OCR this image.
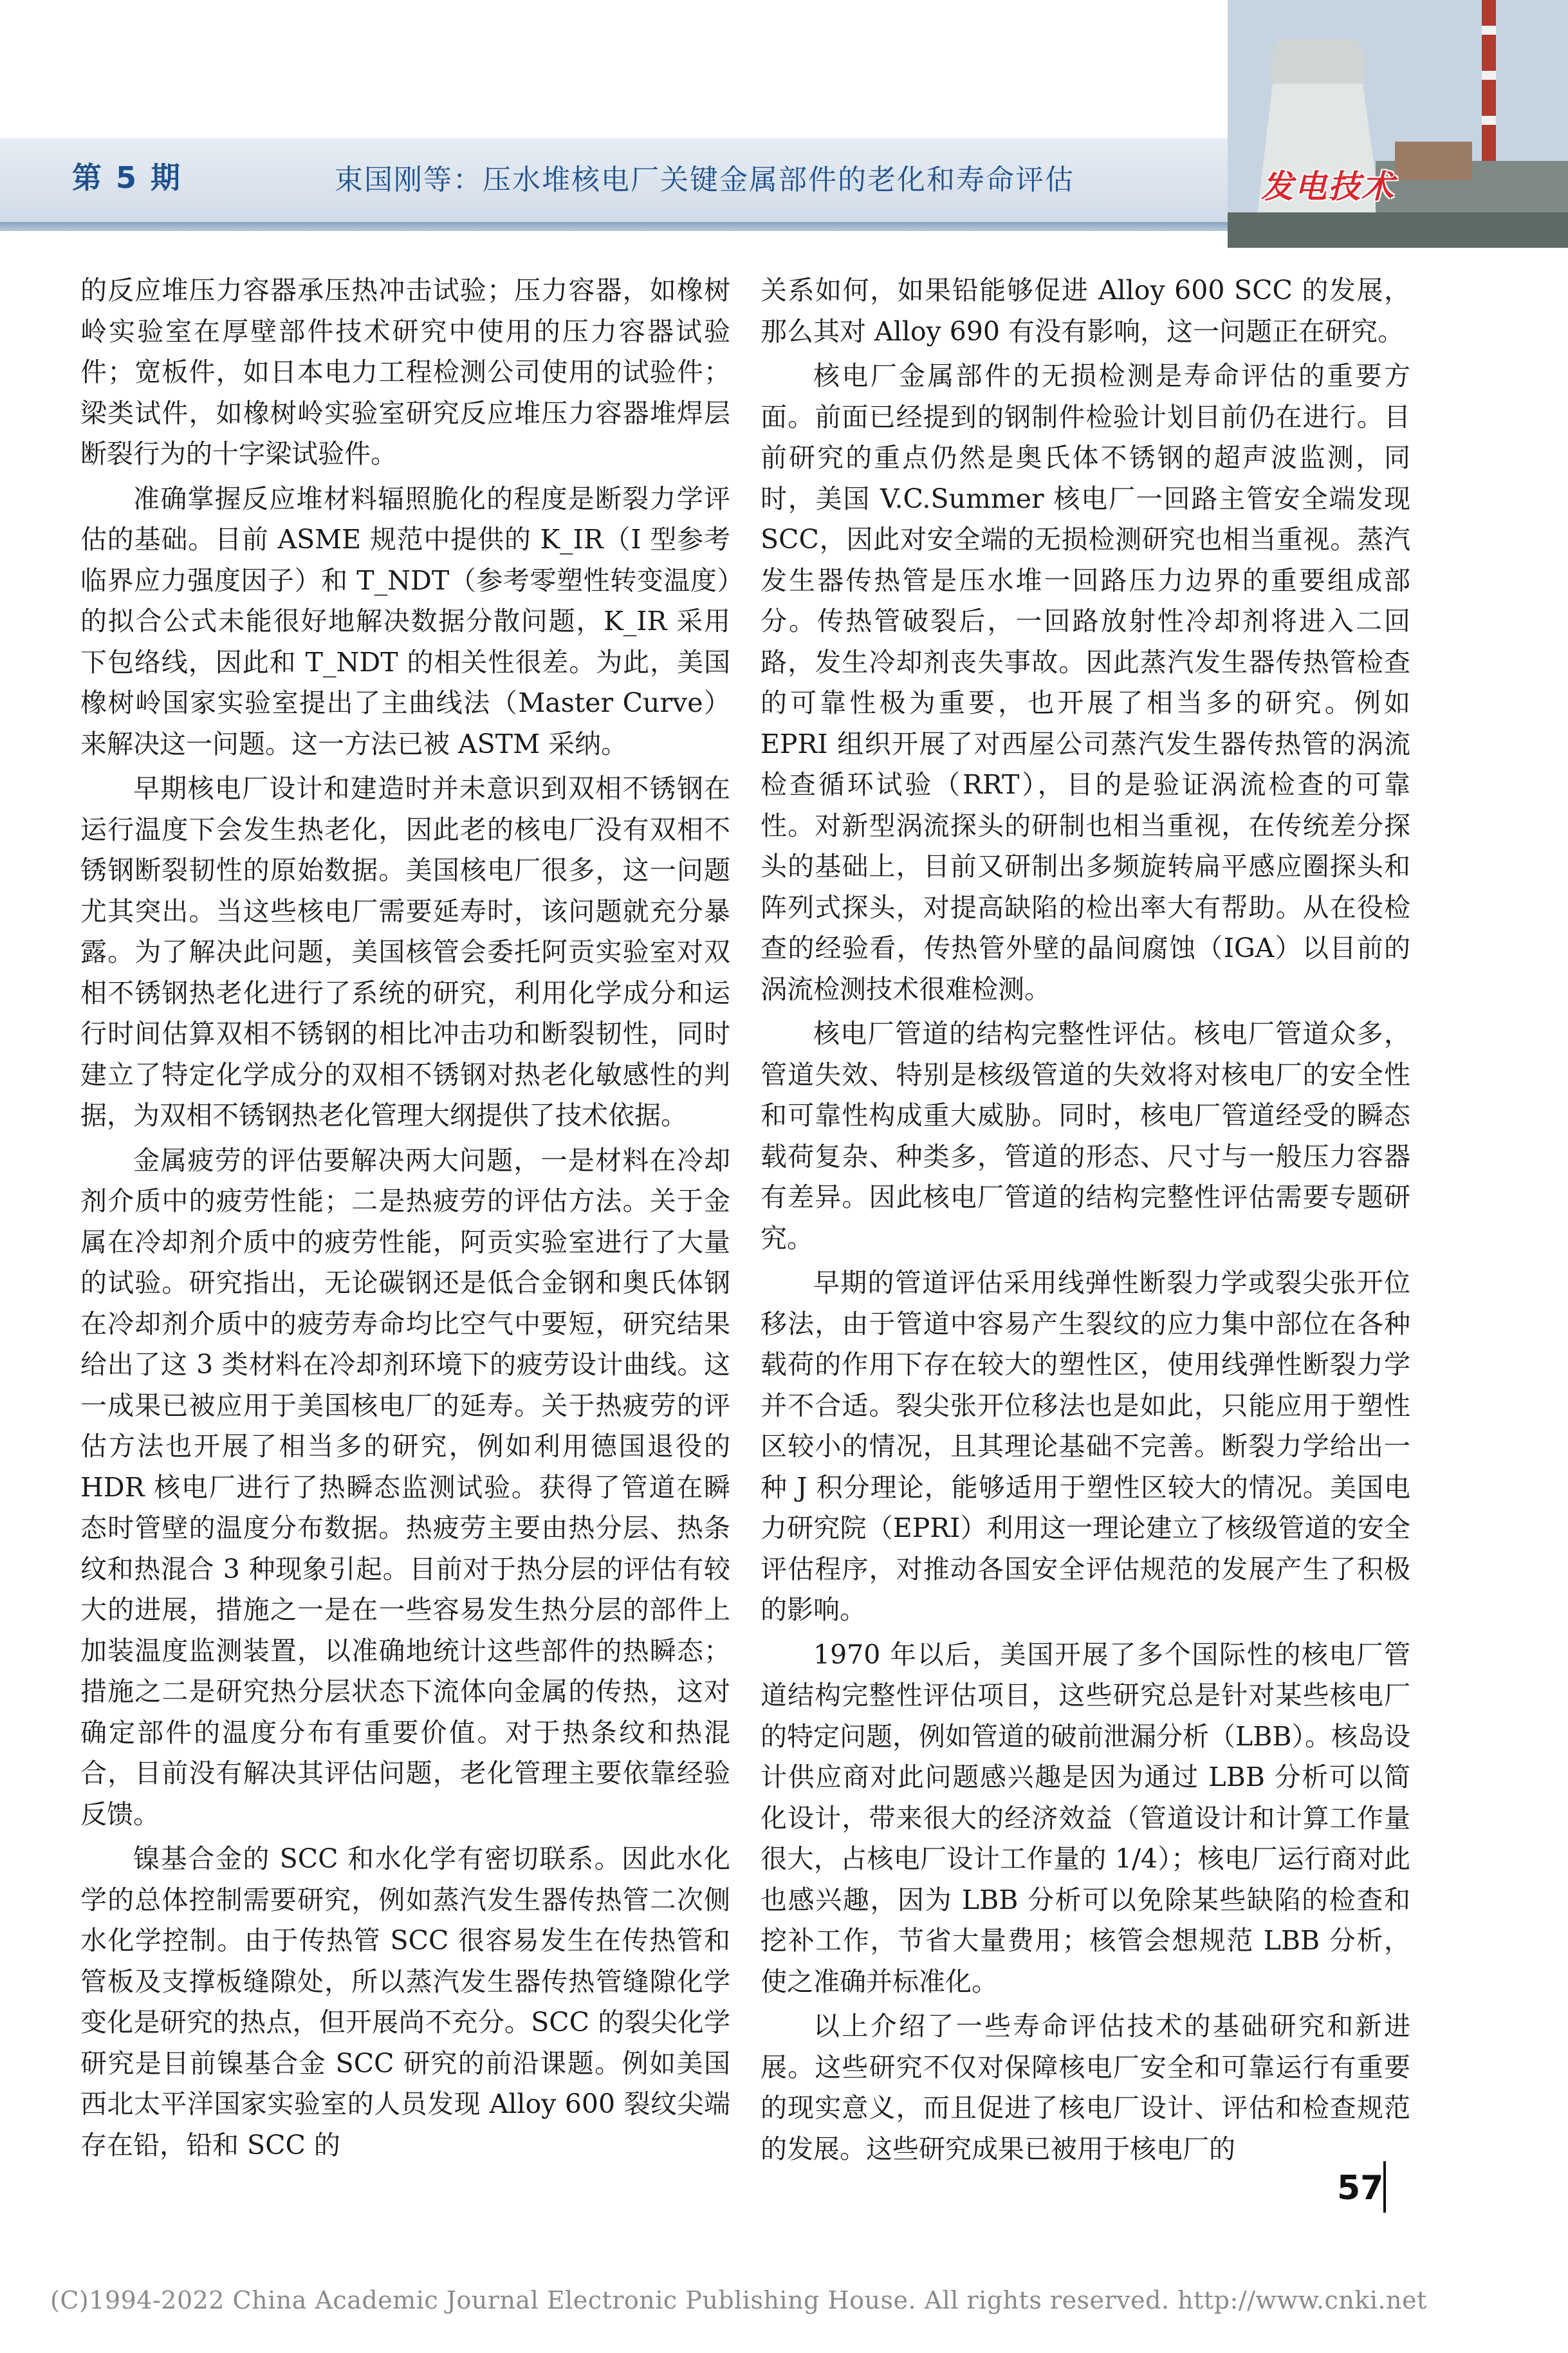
第 5 期	束国刚等：压水堆核电厂关键金属部件的老化和寿命评估	发电技术

的反应堆压力容器承压热冲击试验；压力容器，如橡树岭实验室在厚壁部件技术研究中使用的压力容器试验件；宽板件，如日本电力工程检测公司使用的试验件；梁类试件，如橡树岭实验室研究反应堆压力容器堆焊层断裂行为的十字梁试验件。

准确掌握反应堆材料辐照脆化的程度是断裂力学评估的基础。目前 ASME 规范中提供的 K_IR（I 型参考临界应力强度因子）和 T_NDT（参考零塑性转变温度）的拟合公式未能很好地解决数据分散问题，K_IR 采用下包络线，因此和 T_NDT 的相关性很差。为此，美国橡树岭国家实验室提出了主曲线法（Master Curve）来解决这一问题。这一方法已被 ASTM 采纳。

早期核电厂设计和建造时并未意识到双相不锈钢在运行温度下会发生热老化，因此老的核电厂没有双相不锈钢断裂韧性的原始数据。美国核电厂很多，这一问题尤其突出。当这些核电厂需要延寿时，该问题就充分暴露。为了解决此问题，美国核管会委托阿贡实验室对双相不锈钢热老化进行了系统的研究，利用化学成分和运行时间估算双相不锈钢的相比冲击功和断裂韧性，同时建立了特定化学成分的双相不锈钢对热老化敏感性的判据，为双相不锈钢热老化管理大纲提供了技术依据。

金属疲劳的评估要解决两大问题，一是材料在冷却剂介质中的疲劳性能；二是热疲劳的评估方法。关于金属在冷却剂介质中的疲劳性能，阿贡实验室进行了大量的试验。研究指出，无论碳钢还是低合金钢和奥氏体钢在冷却剂介质中的疲劳寿命均比空气中要短，研究结果给出了这 3 类材料在冷却剂环境下的疲劳设计曲线。这一成果已被应用于美国核电厂的延寿。关于热疲劳的评估方法也开展了相当多的研究，例如利用德国退役的 HDR 核电厂进行了热瞬态监测试验。获得了管道在瞬态时管壁的温度分布数据。热疲劳主要由热分层、热条纹和热混合 3 种现象引起。目前对于热分层的评估有较大的进展，措施之一是在一些容易发生热分层的部件上加装温度监测装置，以准确地统计这些部件的热瞬态；措施之二是研究热分层状态下流体向金属的传热，这对确定部件的温度分布有重要价值。对于热条纹和热混合，目前没有解决其评估问题，老化管理主要依靠经验反馈。

镍基合金的 SCC 和水化学有密切联系。因此水化学的总体控制需要研究，例如蒸汽发生器传热管二次侧水化学控制。由于传热管 SCC 很容易发生在传热管和管板及支撑板缝隙处，所以蒸汽发生器传热管缝隙化学变化是研究的热点，但开展尚不充分。SCC 的裂尖化学研究是目前镍基合金 SCC 研究的前沿课题。例如美国西北太平洋国家实验室的人员发现 Alloy 600 裂纹尖端存在铅，铅和 SCC 的

关系如何，如果铅能够促进 Alloy 600 SCC 的发展，那么其对 Alloy 690 有没有影响，这一问题正在研究。

核电厂金属部件的无损检测是寿命评估的重要方面。前面已经提到的钢制件检验计划目前仍在进行。目前研究的重点仍然是奥氏体不锈钢的超声波监测，同时，美国 V.C.Summer 核电厂一回路主管安全端发现 SCC，因此对安全端的无损检测研究也相当重视。蒸汽发生器传热管是压水堆一回路压力边界的重要组成部分。传热管破裂后，一回路放射性冷却剂将进入二回路，发生冷却剂丧失事故。因此蒸汽发生器传热管检查的可靠性极为重要，也开展了相当多的研究。例如 EPRI 组织开展了对西屋公司蒸汽发生器传热管的涡流检查循环试验（RRT），目的是验证涡流检查的可靠性。对新型涡流探头的研制也相当重视，在传统差分探头的基础上，目前又研制出多频旋转扁平感应圈探头和阵列式探头，对提高缺陷的检出率大有帮助。从在役检查的经验看，传热管外壁的晶间腐蚀（IGA）以目前的涡流检测技术很难检测。

核电厂管道的结构完整性评估。核电厂管道众多，管道失效、特别是核级管道的失效将对核电厂的安全性和可靠性构成重大威胁。同时，核电厂管道经受的瞬态载荷复杂、种类多，管道的形态、尺寸与一般压力容器有差异。因此核电厂管道的结构完整性评估需要专题研究。

早期的管道评估采用线弹性断裂力学或裂尖张开位移法，由于管道中容易产生裂纹的应力集中部位在各种载荷的作用下存在较大的塑性区，使用线弹性断裂力学并不合适。裂尖张开位移法也是如此，只能应用于塑性区较小的情况，且其理论基础不完善。断裂力学给出一种 J 积分理论，能够适用于塑性区较大的情况。美国电力研究院（EPRI）利用这一理论建立了核级管道的安全评估程序，对推动各国安全评估规范的发展产生了积极的影响。

1970 年以后，美国开展了多个国际性的核电厂管道结构完整性评估项目，这些研究总是针对某些核电厂的特定问题，例如管道的破前泄漏分析（LBB）。核岛设计供应商对此问题感兴趣是因为通过 LBB 分析可以简化设计，带来很大的经济效益（管道设计和计算工作量很大，占核电厂设计工作量的 1/4）；核电厂运行商对此也感兴趣，因为 LBB 分析可以免除某些缺陷的检查和挖补工作，节省大量费用；核管会想规范 LBB 分析，使之准确并标准化。

以上介绍了一些寿命评估技术的基础研究和新进展。这些研究不仅对保障核电厂安全和可靠运行有重要的现实意义，而且促进了核电厂设计、评估和检查规范的发展。这些研究成果已被用于核电厂的

57
(C)1994-2022 China Academic Journal Electronic Publishing House. All rights reserved. http://www.cnki.net
